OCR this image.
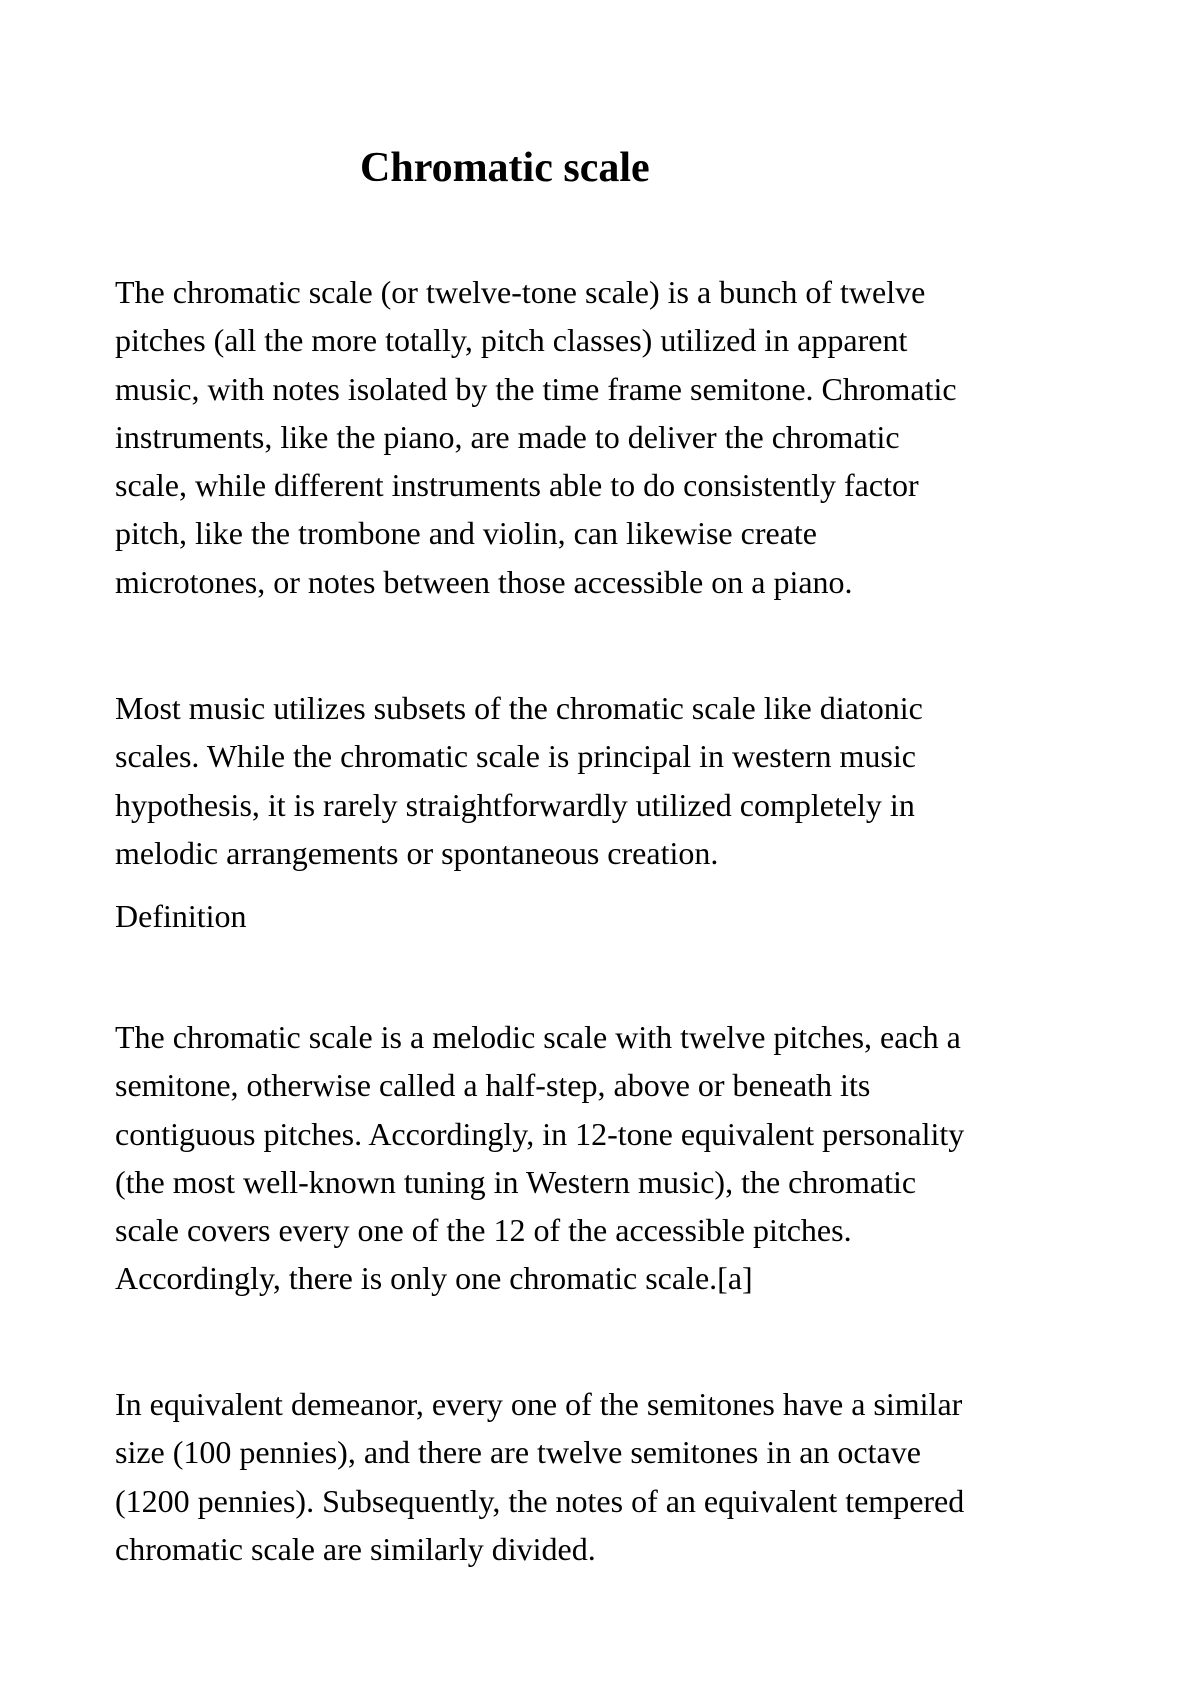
Chromatic scale

The chromatic scale (or twelve-tone scale) is a bunch of twelve
pitches (all the more totally, pitch classes) utilized in apparent
music, with notes isolated by the time frame semitone. Chromatic
instruments, like the piano, are made to deliver the chromatic
scale, while different instruments able to do consistently factor
pitch, like the trombone and violin, can likewise create
microtones, or notes between those accessible on a piano.

Most music utilizes subsets of the chromatic scale like diatonic
scales. While the chromatic scale is principal in western music
hypothesis, it is rarely straightforwardly utilized completely in
melodic arrangements or spontaneous creation.

Definition

The chromatic scale is a melodic scale with twelve pitches, each a
semitone, otherwise called a half-step, above or beneath its
contiguous pitches. Accordingly, in 12-tone equivalent personality
(the most well-known tuning in Western music), the chromatic
scale covers every one of the 12 of the accessible pitches.
Accordingly, there is only one chromatic scale.[a]

In equivalent demeanor, every one of the semitones have a similar
size (100 pennies), and there are twelve semitones in an octave
(1200 pennies). Subsequently, the notes of an equivalent tempered
chromatic scale are similarly divided.
